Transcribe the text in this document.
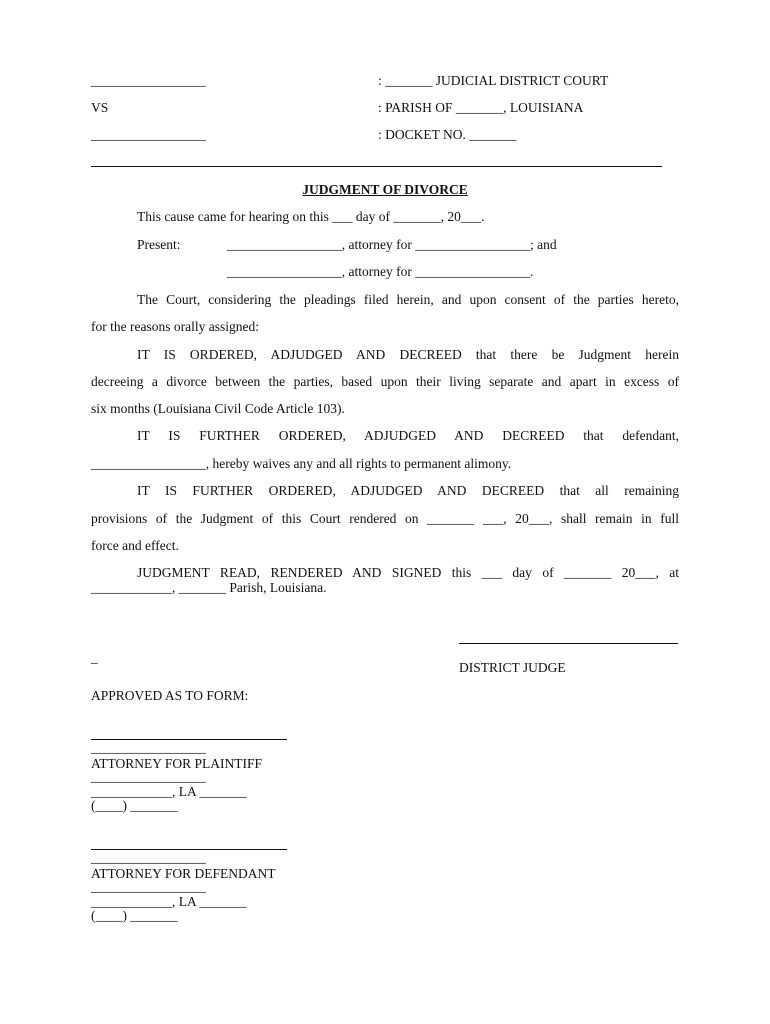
_________________
VS
_________________
: _______ JUDICIAL DISTRICT COURT
: PARISH OF _______, LOUISIANA
: DOCKET NO. _______
JUDGMENT OF DIVORCE
This cause came for hearing on this ___ day of _______, 20___.
Present:	_________________, attorney for _________________; and
_________________, attorney for _________________.
The Court, considering the pleadings filed herein, and upon consent of the parties hereto,
for the reasons orally assigned:
IT IS ORDERED, ADJUDGED AND DECREED that there be Judgment herein
decreeing a divorce between the parties, based upon their living separate and apart in excess of
six months (Louisiana Civil Code Article 103).
IT IS FURTHER ORDERED, ADJUDGED AND DECREED that defendant,
_________________, hereby waives any and all rights to permanent alimony.
IT IS FURTHER ORDERED, ADJUDGED AND DECREED that all remaining
provisions of the Judgment of this Court rendered on _______ ___, 20___, shall remain in full
force and effect.
JUDGMENT READ, RENDERED AND SIGNED this ___ day of _______ 20___, at
____________, _______ Parish, Louisiana.
_
DISTRICT JUDGE
APPROVED AS TO FORM:
_________________
ATTORNEY FOR PLAINTIFF
_________________
____________, LA _______
(____) _______
_________________
ATTORNEY FOR DEFENDANT
_________________
____________, LA _______
(____) _______
